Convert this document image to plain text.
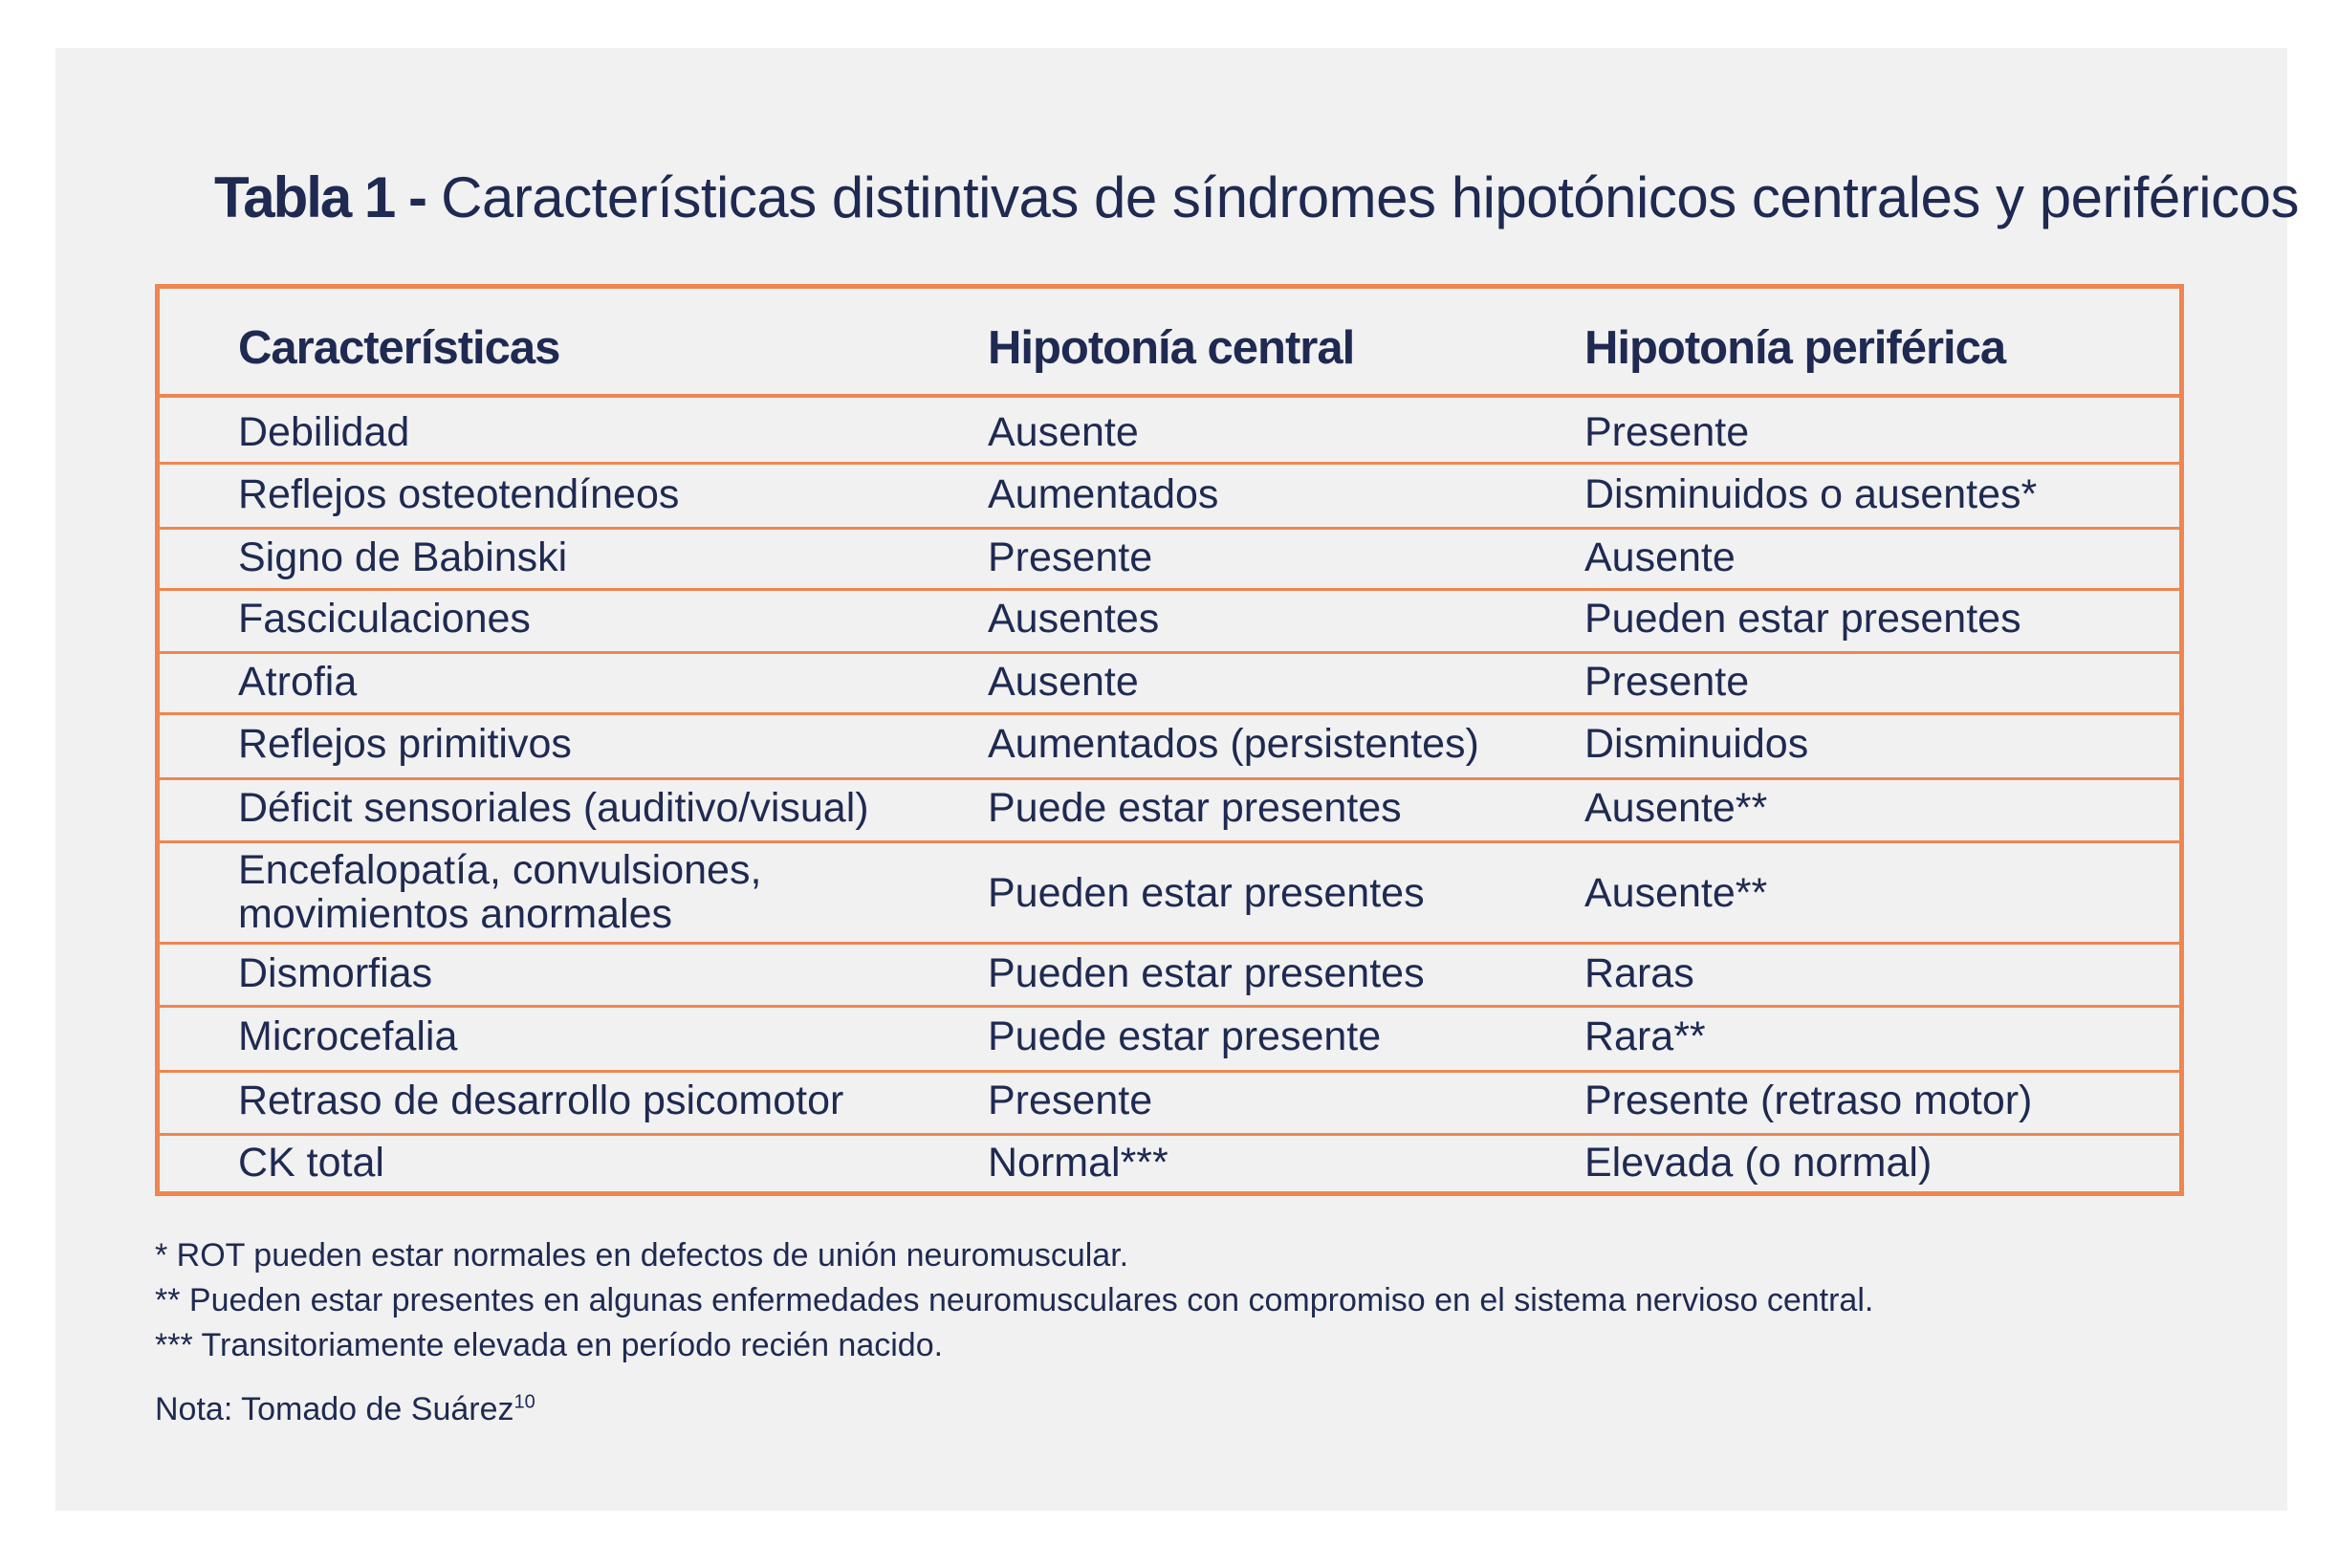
Tabla 1 - Características distintivas de síndromes hipotónicos centrales y periféricos
Características	Hipotonía central	Hipotonía periférica
Debilidad	Ausente	Presente
Reflejos osteotendíneos	Aumentados	Disminuidos o ausentes*
Signo de Babinski	Presente	Ausente
Fasciculaciones	Ausentes	Pueden estar presentes
Atrofia	Ausente	Presente
Reflejos primitivos	Aumentados (persistentes)	Disminuidos
Déficit sensoriales (auditivo/visual)	Puede estar presentes	Ausente**
Encefalopatía, convulsiones,
movimientos anormales	Pueden estar presentes	Ausente**
Dismorfias	Pueden estar presentes	Raras
Microcefalia	Puede estar presente	Rara**
Retraso de desarrollo psicomotor	Presente	Presente (retraso motor)
CK total	Normal***	Elevada (o normal)
* ROT pueden estar normales en defectos de unión neuromuscular.
** Pueden estar presentes en algunas enfermedades neuromusculares con compromiso en el sistema nervioso central.
*** Transitoriamente elevada en período recién nacido.
Nota: Tomado de Suárez$^{10}$
